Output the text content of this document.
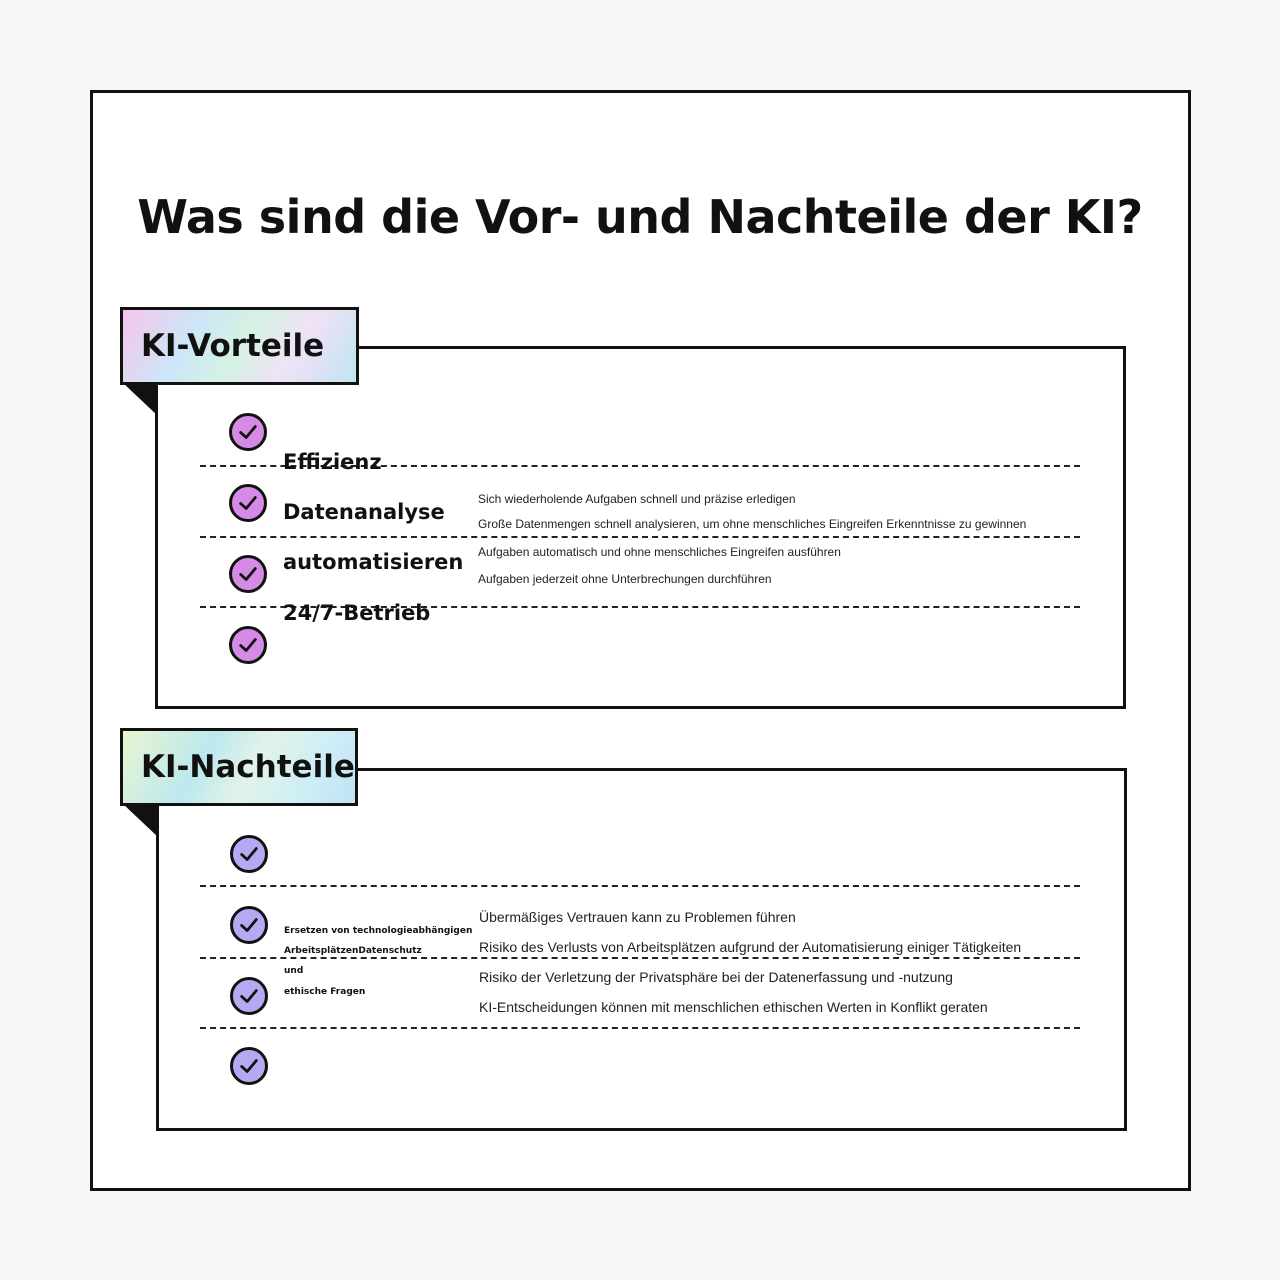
Was sind die Vor- und Nachteile der KI?
KI-Vorteile
Effizienz
Datenanalyse
automatisieren
24/7-Betrieb
Sich wiederholende Aufgaben schnell und präzise erledigen
Große Datenmengen schnell analysieren, um ohne menschliches Eingreifen Erkenntnisse zu gewinnen
Aufgaben automatisch und ohne menschliches Eingreifen ausführen
Aufgaben jederzeit ohne Unterbrechungen durchführen
KI-Nachteile
Ersetzen von technologieabhängigen
ArbeitsplätzenDatenschutz
und
ethische Fragen
Übermäßiges Vertrauen kann zu Problemen führen
Risiko des Verlusts von Arbeitsplätzen aufgrund der Automatisierung einiger Tätigkeiten
Risiko der Verletzung der Privatsphäre bei der Datenerfassung und -nutzung
KI-Entscheidungen können mit menschlichen ethischen Werten in Konflikt geraten
